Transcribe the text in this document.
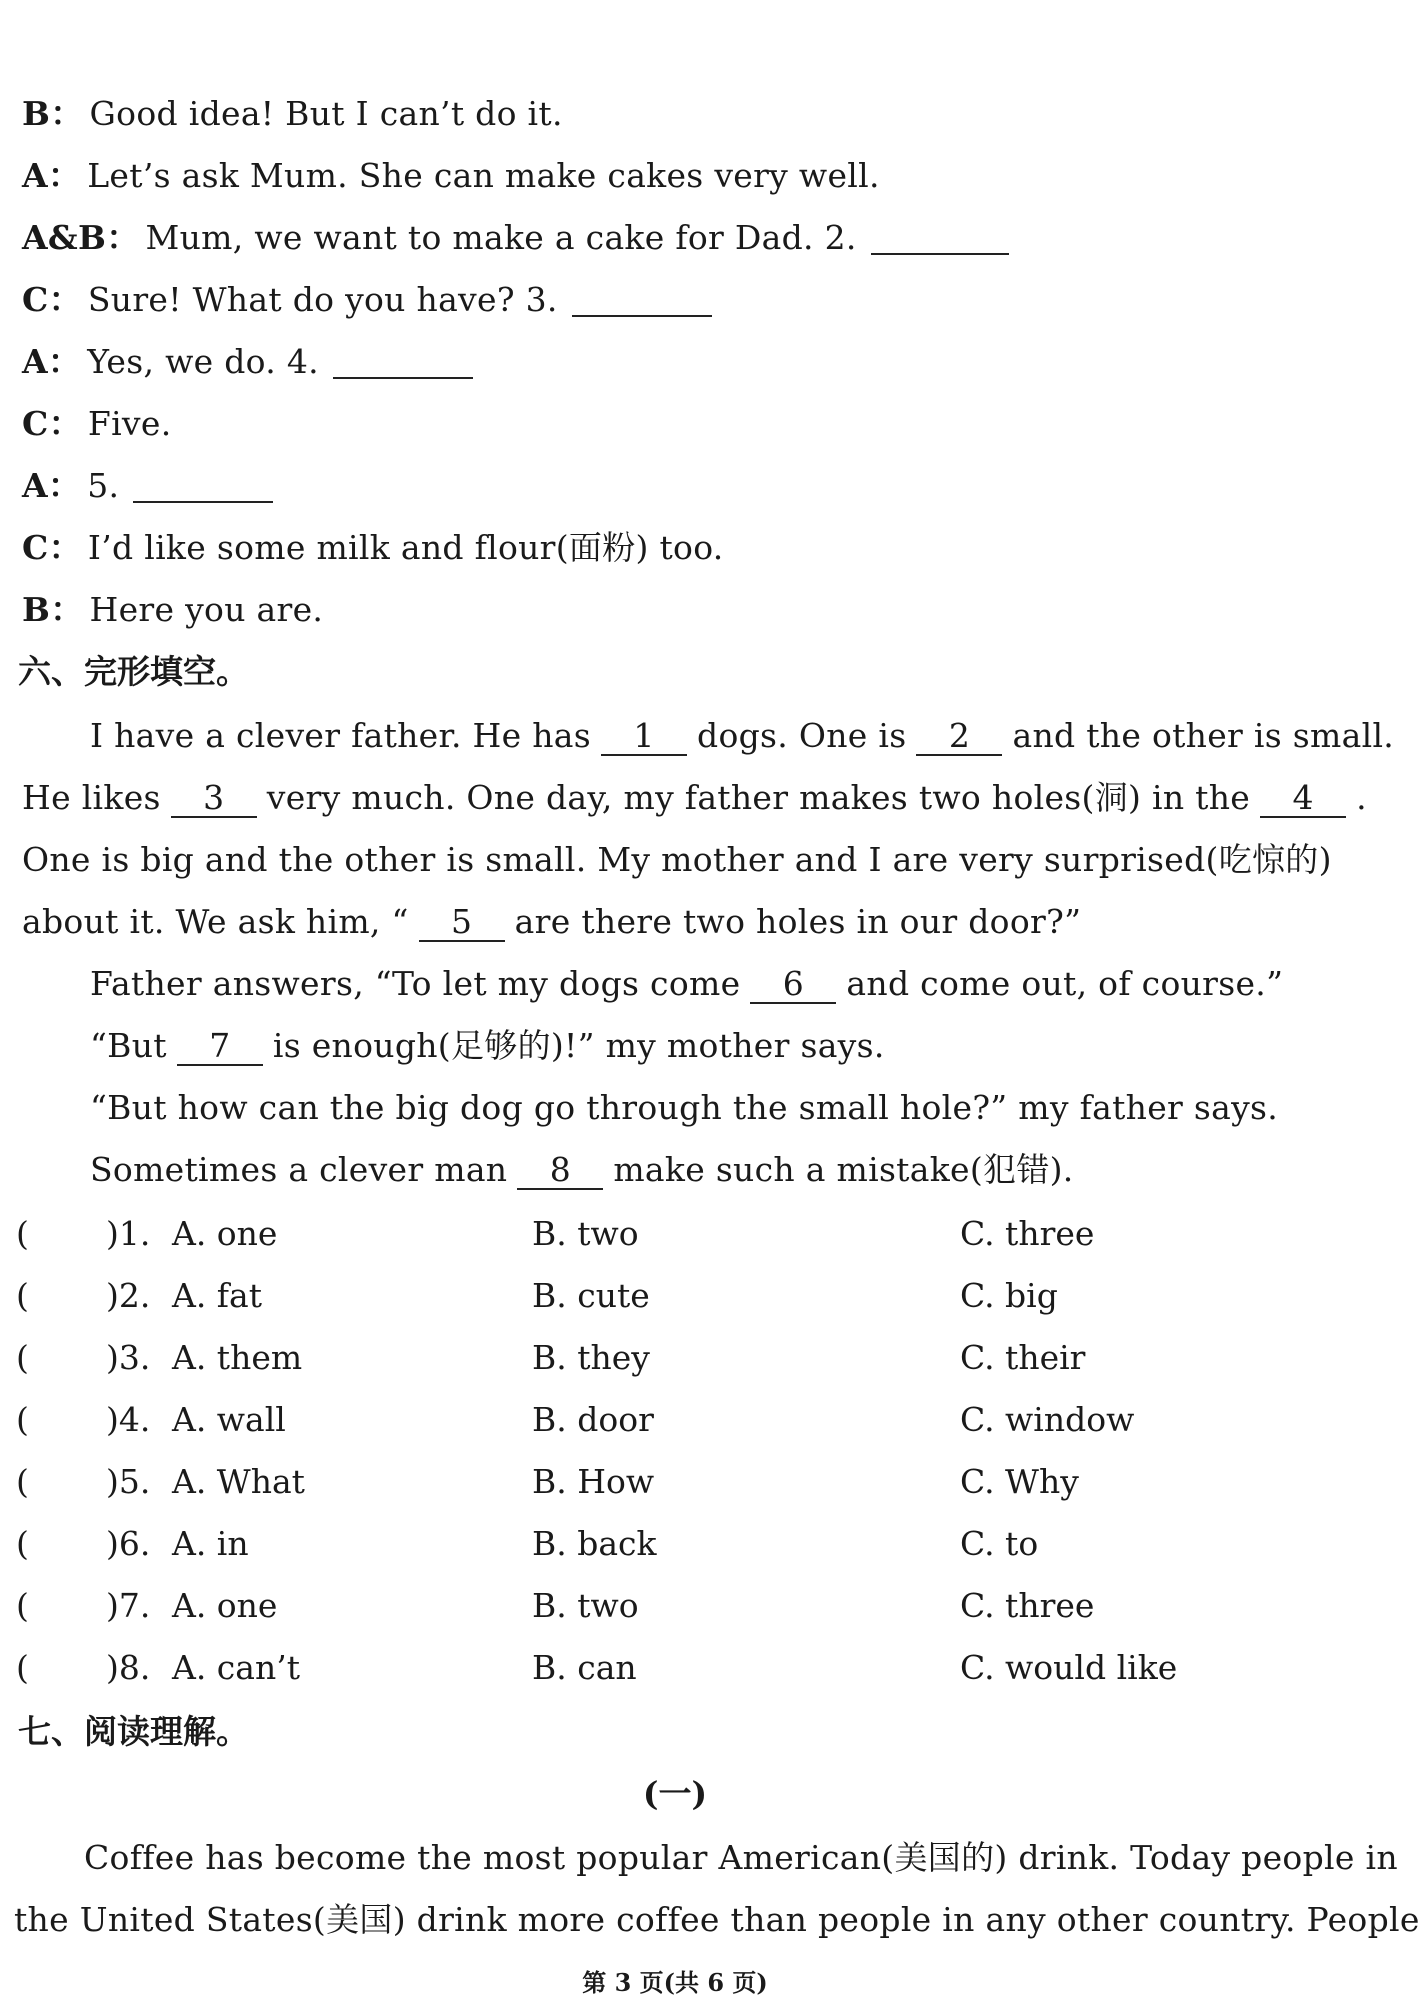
B： Good idea! But I can’t do it.
A： Let’s ask Mum. She can make cakes very well.
A&B： Mum, we want to make a cake for Dad. 2.
C： Sure! What do you have? 3.
A： Yes, we do. 4.
C： Five.
A： 5.
C： I’d like some milk and flour(面粉) too.
B： Here you are.
六、完形填空。
I have a clever father. He has 1 dogs. One is 2 and the other is small.
He likes 3 very much. One day, my father makes two holes(洞) in the 4 .
One is big and the other is small. My mother and I are very surprised(吃惊的)
about it. We ask him, “ 5 are there two holes in our door?”
Father answers, “To let my dogs come 6 and come out, of course.”
“But 7 is enough(足够的)!” my mother says.
“But how can the big dog go through the small hole?” my father says.
Sometimes a clever man 8 make such a mistake(犯错).
( )1. A. one	B. two	C. three
( )2. A. fat	B. cute	C. big
( )3. A. them	B. they	C. their
( )4. A. wall	B. door	C. window
( )5. A. What	B. How	C. Why
( )6. A. in	B. back	C. to
( )7. A. one	B. two	C. three
( )8. A. can’t	B. can	C. would like
七、阅读理解。
(一)
Coffee has become the most popular American(美国的) drink. Today people in
the United States(美国) drink more coffee than people in any other country. People
第 3 页(共 6 页)
